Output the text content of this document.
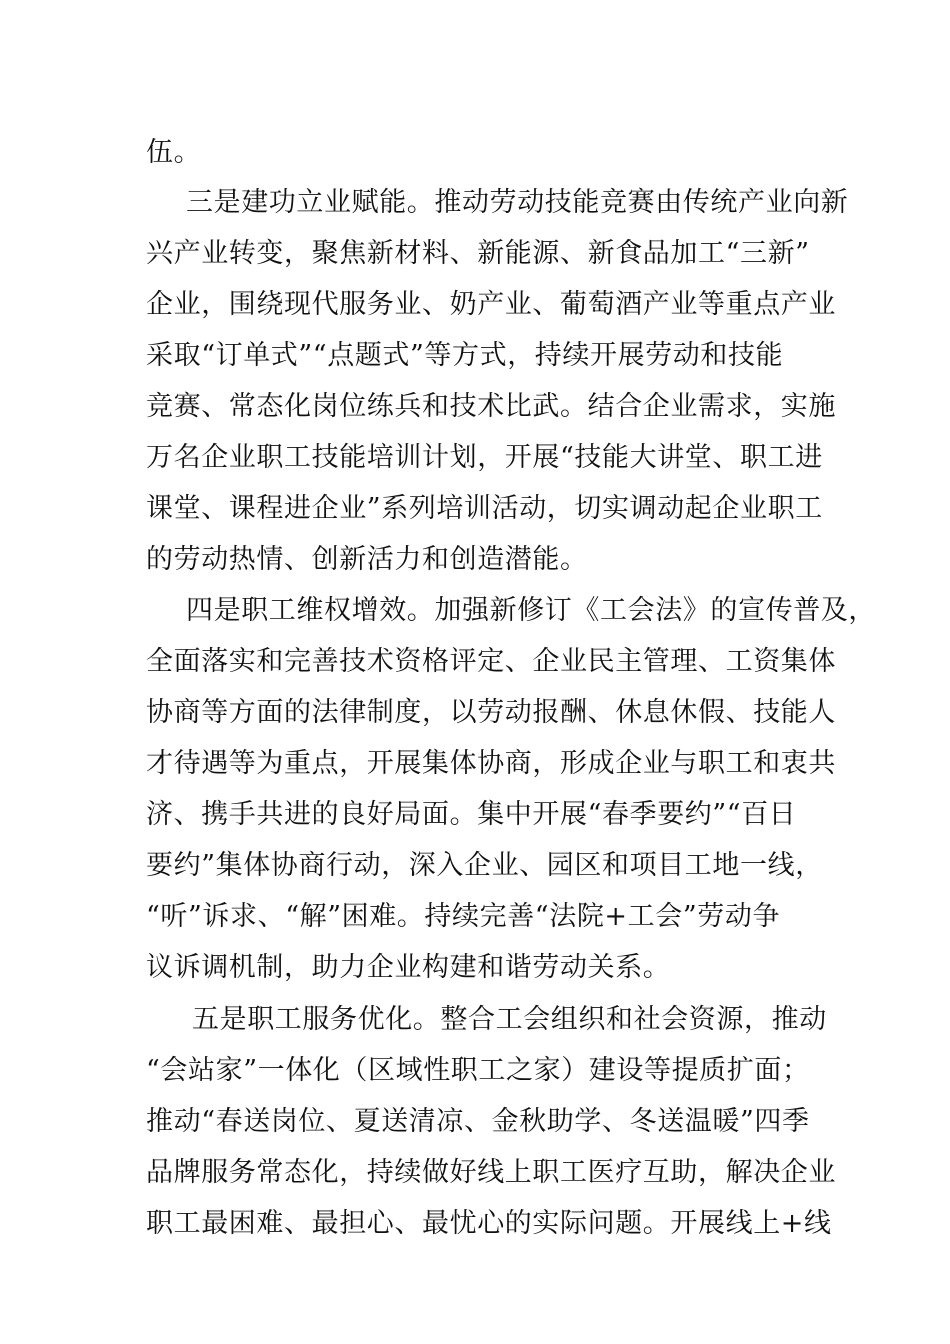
伍。
三是建功立业赋能。推动劳动技能竞赛由传统产业向新
兴产业转变，聚焦新材料、新能源、新食品加工“三新”
企业，围绕现代服务业、奶产业、葡萄酒产业等重点产业
采取“订单式”“点题式”等方式，持续开展劳动和技能
竞赛、常态化岗位练兵和技术比武。结合企业需求，实施
万名企业职工技能培训计划，开展“技能大讲堂、职工进
课堂、课程进企业”系列培训活动，切实调动起企业职工
的劳动热情、创新活力和创造潜能。
四是职工维权增效。加强新修订《工会法》的宣传普及，
全面落实和完善技术资格评定、企业民主管理、工资集体
协商等方面的法律制度，以劳动报酬、休息休假、技能人
才待遇等为重点，开展集体协商，形成企业与职工和衷共
济、携手共进的良好局面。集中开展“春季要约”“百日
要约”集体协商行动，深入企业、园区和项目工地一线，
“听”诉求、“解”困难。持续完善“法院+工会”劳动争
议诉调机制，助力企业构建和谐劳动关系。
五是职工服务优化。整合工会组织和社会资源，推动
“会站家”一体化（区域性职工之家）建设等提质扩面；
推动“春送岗位、夏送清凉、金秋助学、冬送温暖”四季
品牌服务常态化，持续做好线上职工医疗互助，解决企业
职工最困难、最担心、最忧心的实际问题。开展线上+线
